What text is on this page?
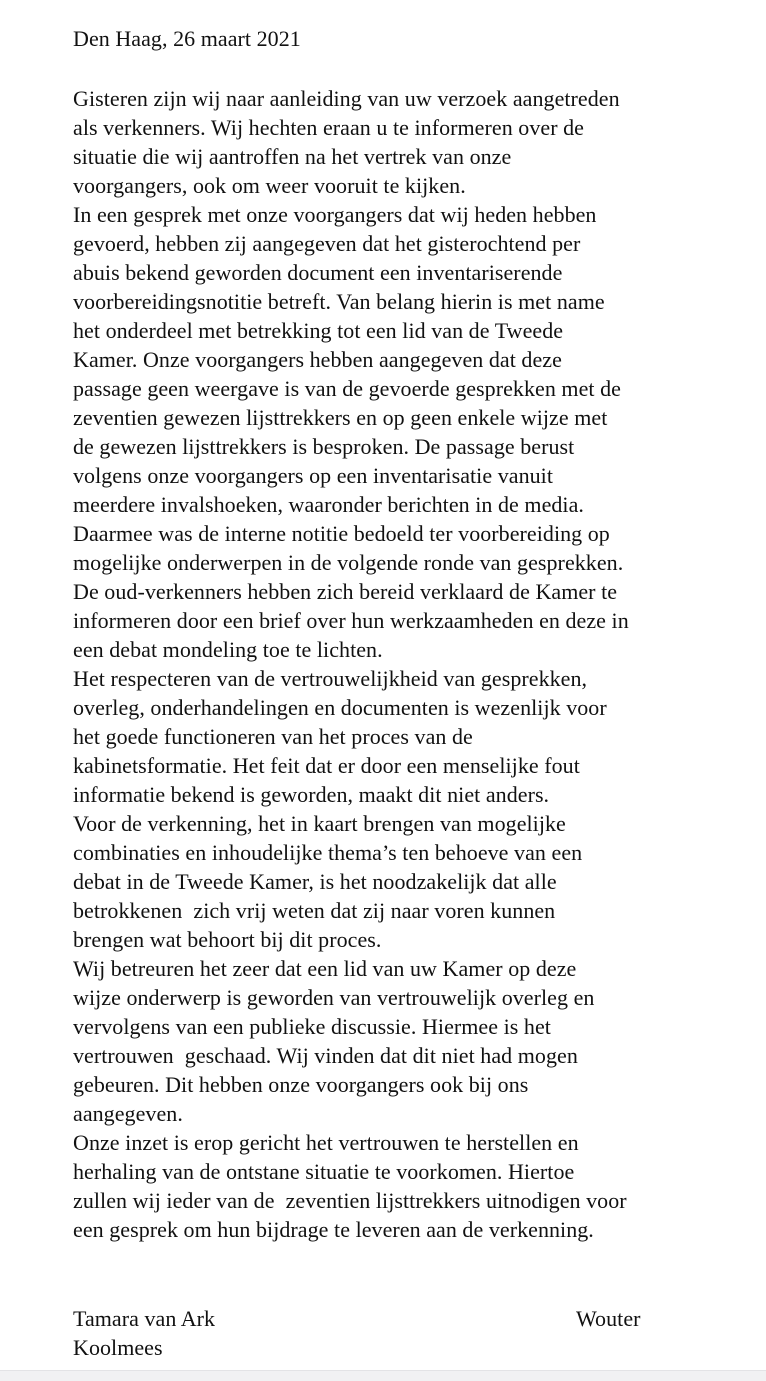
Den Haag, 26 maart 2021
Gisteren zijn wij naar aanleiding van uw verzoek aangetreden
als verkenners. Wij hechten eraan u te informeren over de
situatie die wij aantroffen na het vertrek van onze
voorgangers, ook om weer vooruit te kijken.
In een gesprek met onze voorgangers dat wij heden hebben
gevoerd, hebben zij aangegeven dat het gisterochtend per
abuis bekend geworden document een inventariserende
voorbereidingsnotitie betreft. Van belang hierin is met name
het onderdeel met betrekking tot een lid van de Tweede
Kamer. Onze voorgangers hebben aangegeven dat deze
passage geen weergave is van de gevoerde gesprekken met de
zeventien gewezen lijsttrekkers en op geen enkele wijze met
de gewezen lijsttrekkers is besproken. De passage berust
volgens onze voorgangers op een inventarisatie vanuit
meerdere invalshoeken, waaronder berichten in de media.
Daarmee was de interne notitie bedoeld ter voorbereiding op
mogelijke onderwerpen in de volgende ronde van gesprekken.
De oud-verkenners hebben zich bereid verklaard de Kamer te
informeren door een brief over hun werkzaamheden en deze in
een debat mondeling toe te lichten.
Het respecteren van de vertrouwelijkheid van gesprekken,
overleg, onderhandelingen en documenten is wezenlijk voor
het goede functioneren van het proces van de
kabinetsformatie. Het feit dat er door een menselijke fout
informatie bekend is geworden, maakt dit niet anders.
Voor de verkenning, het in kaart brengen van mogelijke
combinaties en inhoudelijke thema’s ten behoeve van een
debat in de Tweede Kamer, is het noodzakelijk dat alle
betrokkenen  zich vrij weten dat zij naar voren kunnen
brengen wat behoort bij dit proces.
Wij betreuren het zeer dat een lid van uw Kamer op deze
wijze onderwerp is geworden van vertrouwelijk overleg en
vervolgens van een publieke discussie. Hiermee is het
vertrouwen  geschaad. Wij vinden dat dit niet had mogen
gebeuren. Dit hebben onze voorgangers ook bij ons
aangegeven.
Onze inzet is erop gericht het vertrouwen te herstellen en
herhaling van de ontstane situatie te voorkomen. Hiertoe
zullen wij ieder van de  zeventien lijsttrekkers uitnodigen voor
een gesprek om hun bijdrage te leveren aan de verkenning.
Tamara van Ark	Wouter
Koolmees
